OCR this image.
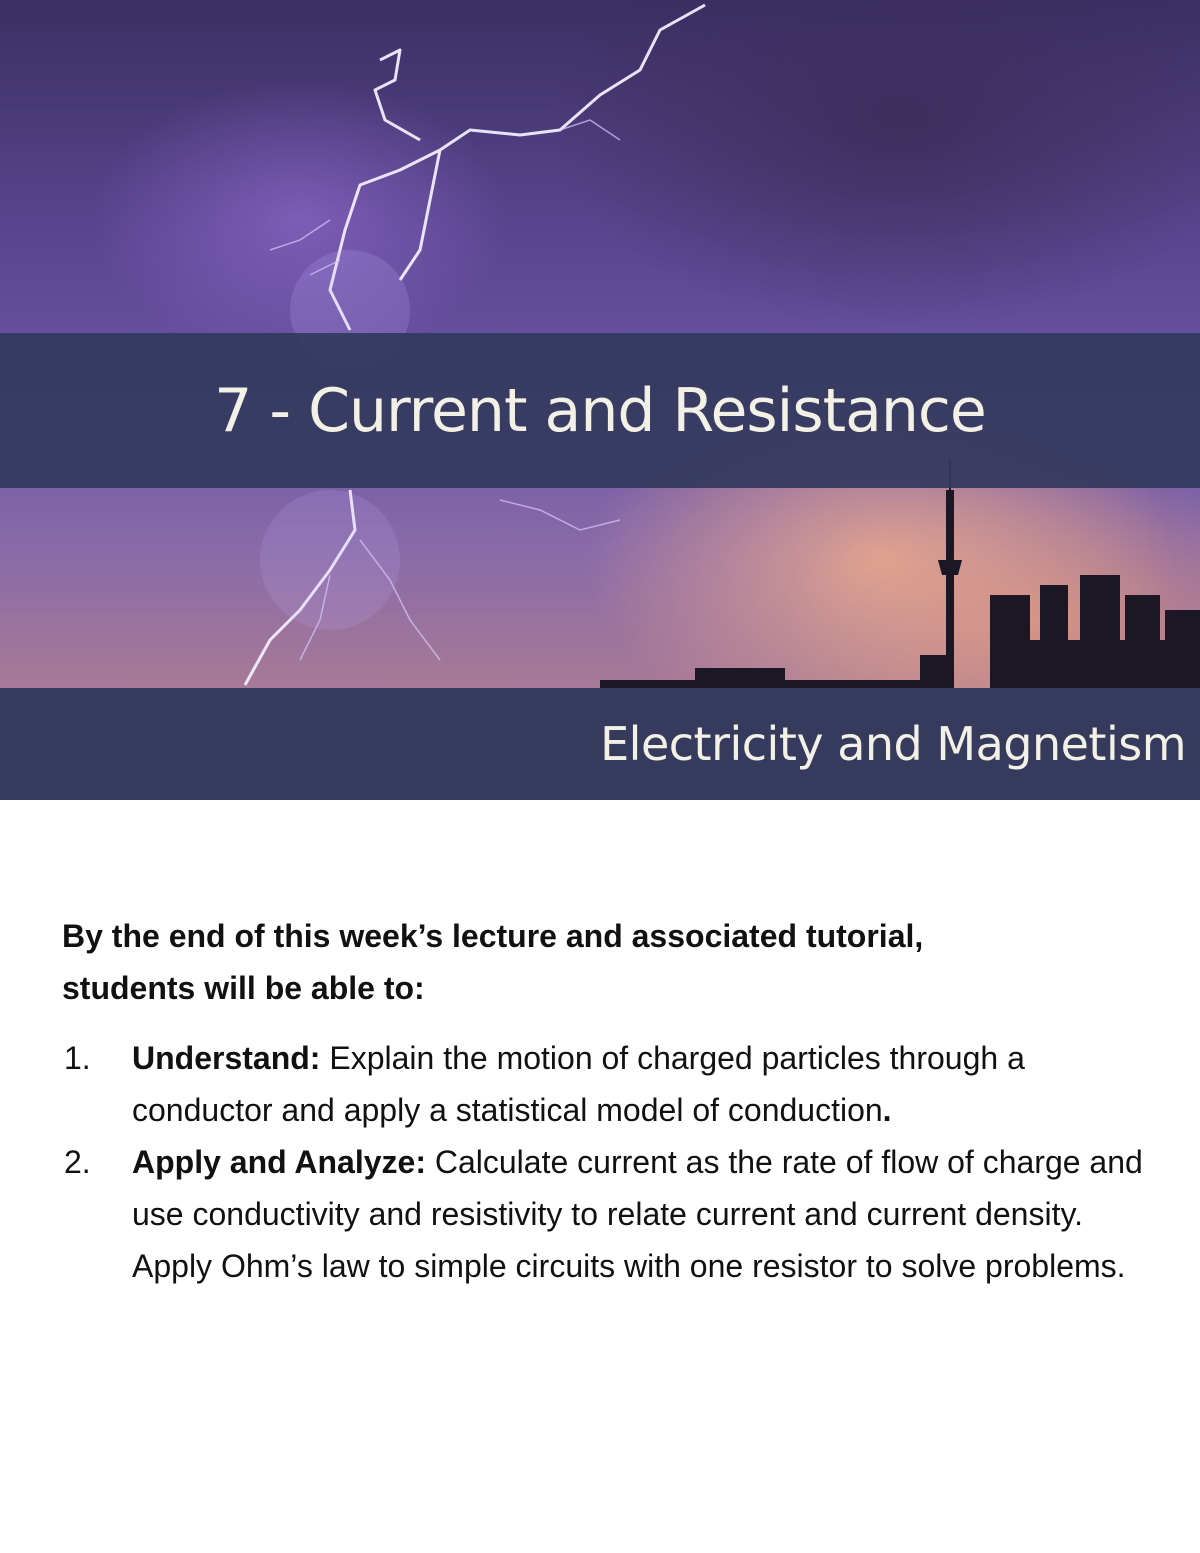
7 - Current and Resistance
Electricity and Magnetism

By the end of this week’s lecture and associated tutorial,
students will be able to:

1. Understand: Explain the motion of charged particles through a conductor and apply a statistical model of conduction.
2. Apply and Analyze: Calculate current as the rate of flow of charge and use conductivity and resistivity to relate current and current density. Apply Ohm’s law to simple circuits with one resistor to solve problems.
